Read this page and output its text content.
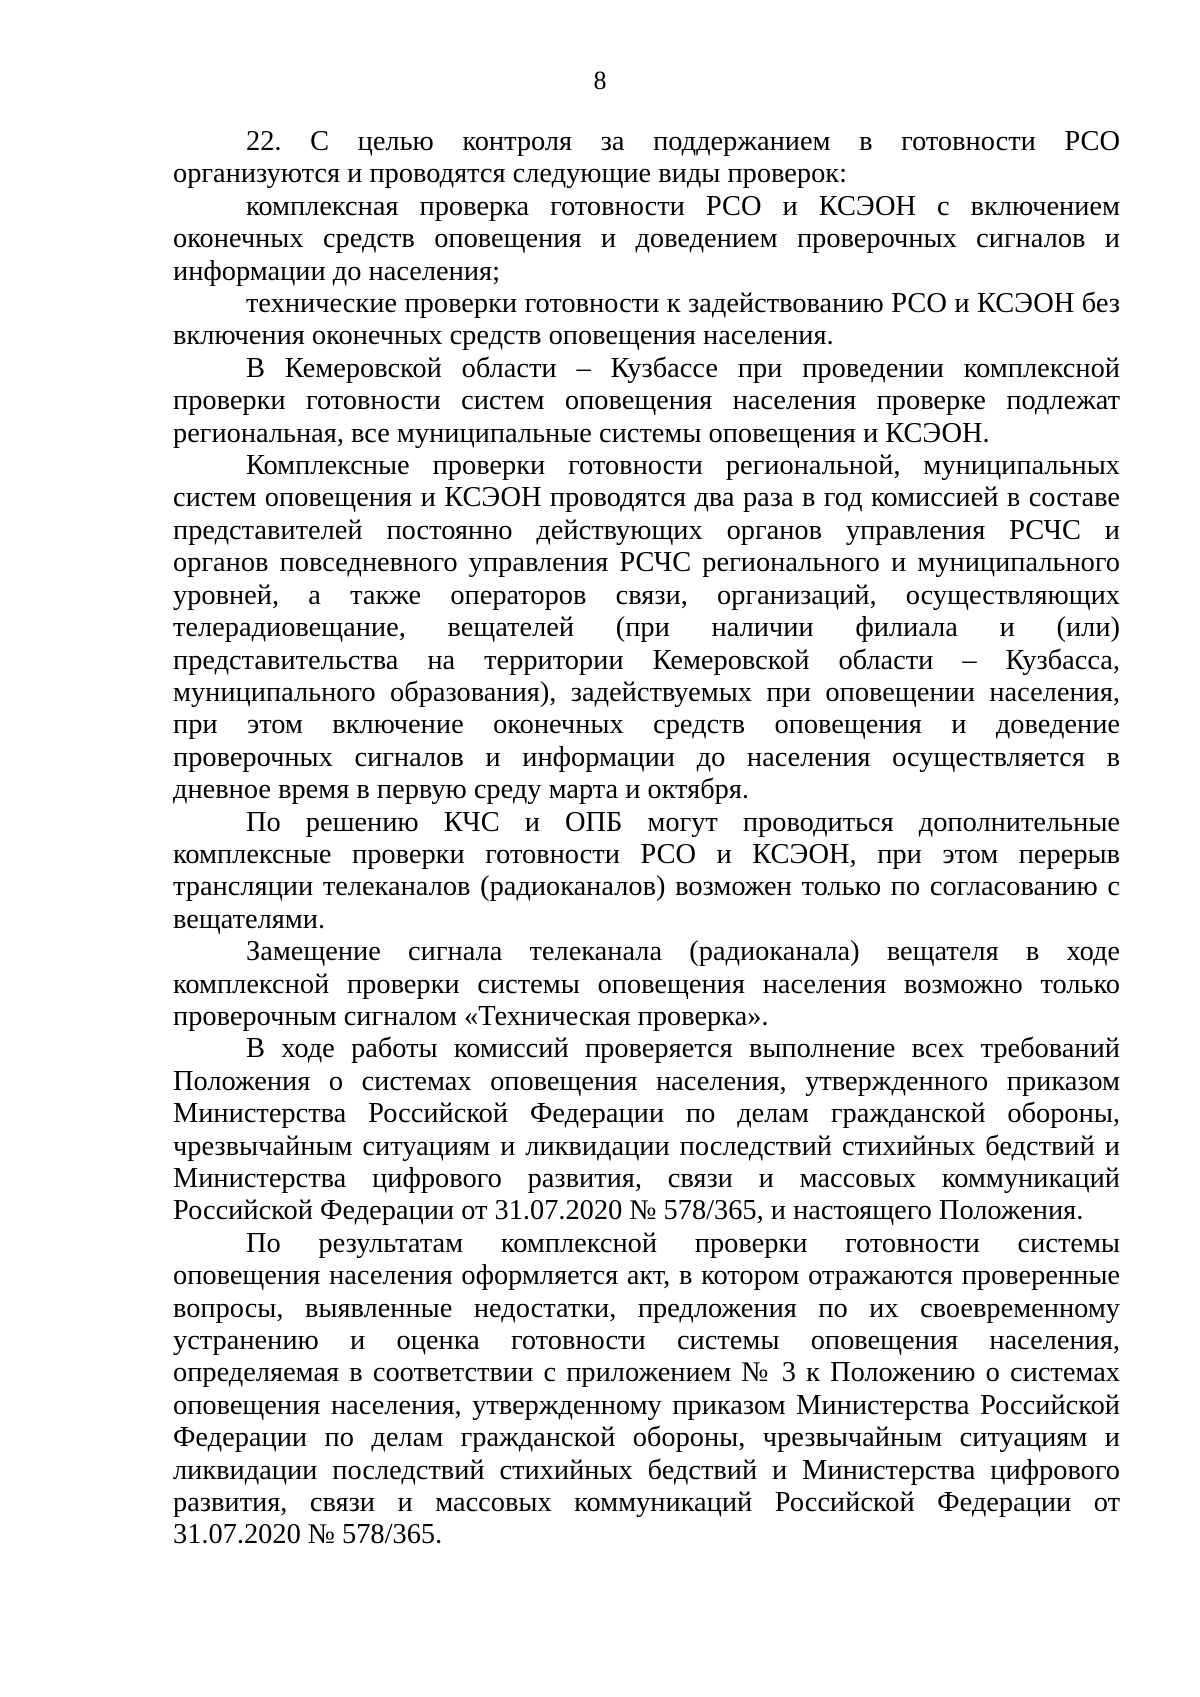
8

22. С целью контроля за поддержанием в готовности РСО организуются и проводятся следующие виды проверок:

комплексная проверка готовности РСО и КСЭОН с включением оконечных средств оповещения и доведением проверочных сигналов и информации до населения;

технические проверки готовности к задействованию РСО и КСЭОН без включения оконечных средств оповещения населения.

В Кемеровской области – Кузбассе при проведении комплексной проверки готовности систем оповещения населения проверке подлежат региональная, все муниципальные системы оповещения и КСЭОН.

Комплексные проверки готовности региональной, муниципальных систем оповещения и КСЭОН проводятся два раза в год комиссией в составе представителей постоянно действующих органов управления РСЧС и органов повседневного управления РСЧС регионального и муниципального уровней, а также операторов связи, организаций, осуществляющих телерадиовещание, вещателей (при наличии филиала и (или) представительства на территории Кемеровской области – Кузбасса, муниципального образования), задействуемых при оповещении населения, при этом включение оконечных средств оповещения и доведение проверочных сигналов и информации до населения осуществляется в дневное время в первую среду марта и октября.

По решению КЧС и ОПБ могут проводиться дополнительные комплексные проверки готовности РСО и КСЭОН, при этом перерыв трансляции телеканалов (радиоканалов) возможен только по согласованию с вещателями.

Замещение сигнала телеканала (радиоканала) вещателя в ходе комплексной проверки системы оповещения населения возможно только проверочным сигналом «Техническая проверка».

В ходе работы комиссий проверяется выполнение всех требований Положения о системах оповещения населения, утвержденного приказом Министерства Российской Федерации по делам гражданской обороны, чрезвычайным ситуациям и ликвидации последствий стихийных бедствий и Министерства цифрового развития, связи и массовых коммуникаций Российской Федерации от 31.07.2020 № 578/365, и настоящего Положения.

По результатам комплексной проверки готовности системы оповещения населения оформляется акт, в котором отражаются проверенные вопросы, выявленные недостатки, предложения по их своевременному устранению и оценка готовности системы оповещения населения, определяемая в соответствии с приложением № 3 к Положению о системах оповещения населения, утвержденному приказом Министерства Российской Федерации по делам гражданской обороны, чрезвычайным ситуациям и ликвидации последствий стихийных бедствий и Министерства цифрового развития, связи и массовых коммуникаций Российской Федерации от 31.07.2020 № 578/365.
